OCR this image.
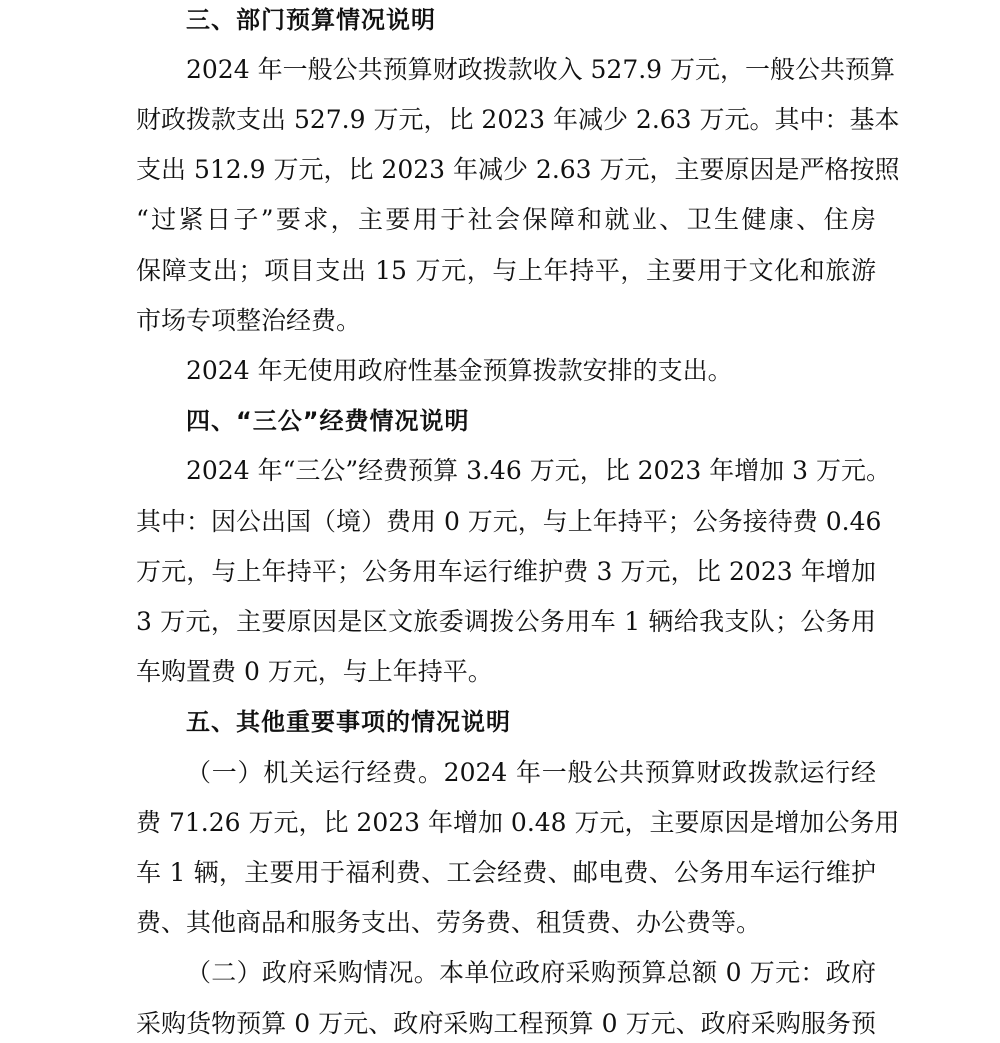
三、部门预算情况说明
2024 年一般公共预算财政拨款收入 527.9 万元，一般公共预算
财政拨款支出 527.9 万元，比 2023 年减少 2.63 万元。其中：基本
支出 512.9 万元，比 2023 年减少 2.63 万元，主要原因是严格按照
“过紧日子”要求，主要用于社会保障和就业、卫生健康、住房
保障支出；项目支出 15 万元，与上年持平，主要用于文化和旅游
市场专项整治经费。
2024 年无使用政府性基金预算拨款安排的支出。
四、“三公”经费情况说明
2024 年“三公”经费预算 3.46 万元，比 2023 年增加 3 万元。
其中：因公出国（境）费用 0 万元，与上年持平；公务接待费 0.46
万元，与上年持平；公务用车运行维护费 3 万元，比 2023 年增加
3 万元，主要原因是区文旅委调拨公务用车 1 辆给我支队；公务用
车购置费 0 万元，与上年持平。
五、其他重要事项的情况说明
（一）机关运行经费。2024 年一般公共预算财政拨款运行经
费 71.26 万元，比 2023 年增加 0.48 万元，主要原因是增加公务用
车 1 辆，主要用于福利费、工会经费、邮电费、公务用车运行维护
费、其他商品和服务支出、劳务费、租赁费、办公费等。
（二）政府采购情况。本单位政府采购预算总额 0 万元：政府
采购货物预算 0 万元、政府采购工程预算 0 万元、政府采购服务预
